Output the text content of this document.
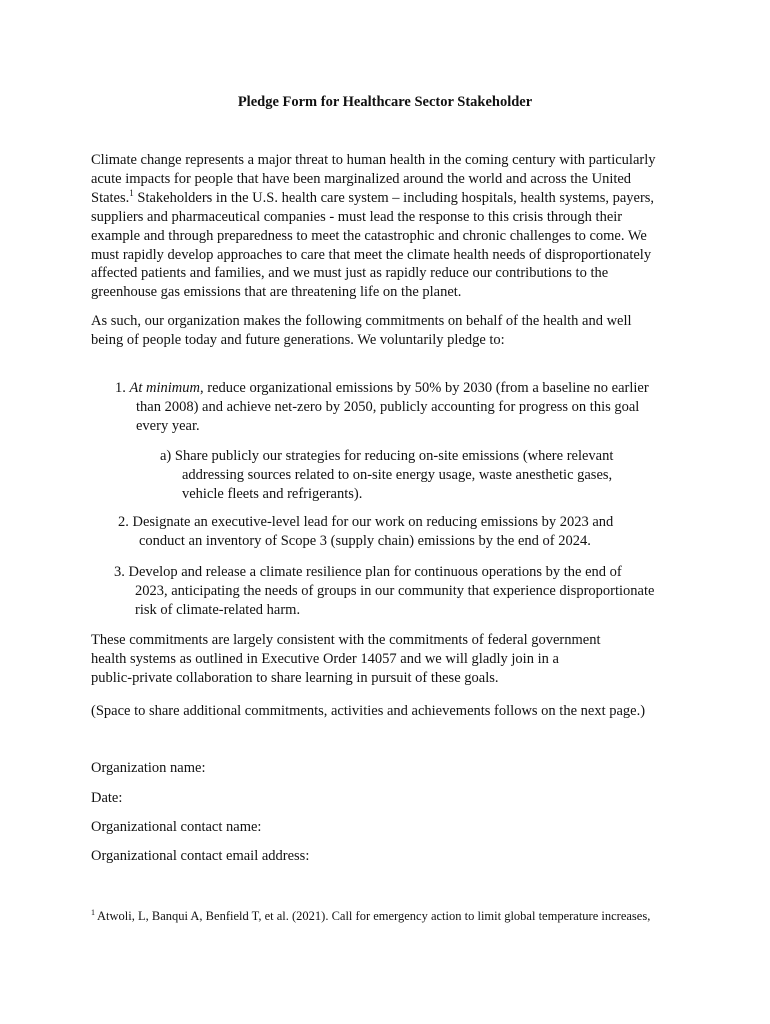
Pledge Form for Healthcare Sector Stakeholder
Climate change represents a major threat to human health in the coming century with particularly
acute impacts for people that have been marginalized around the world and across the United
States.$^1$ Stakeholders in the U.S. health care system – including hospitals, health systems, payers,
suppliers and pharmaceutical companies - must lead the response to this crisis through their
example and through preparedness to meet the catastrophic and chronic challenges to come. We
must rapidly develop approaches to care that meet the climate health needs of disproportionately
affected patients and families, and we must just as rapidly reduce our contributions to the
greenhouse gas emissions that are threatening life on the planet.
As such, our organization makes the following commitments on behalf of the health and well
being of people today and future generations. We voluntarily pledge to:
1. At minimum, reduce organizational emissions by 50% by 2030 (from a baseline no earlier
than 2008) and achieve net-zero by 2050, publicly accounting for progress on this goal
every year.
a) Share publicly our strategies for reducing on-site emissions (where relevant
addressing sources related to on-site energy usage, waste anesthetic gases,
vehicle fleets and refrigerants).
2. Designate an executive-level lead for our work on reducing emissions by 2023 and
conduct an inventory of Scope 3 (supply chain) emissions by the end of 2024.
3. Develop and release a climate resilience plan for continuous operations by the end of
2023, anticipating the needs of groups in our community that experience disproportionate
risk of climate-related harm.
These commitments are largely consistent with the commitments of federal government
health systems as outlined in Executive Order 14057 and we will gladly join in a
public-private collaboration to share learning in pursuit of these goals.
(Space to share additional commitments, activities and achievements follows on the next page.)
Organization name:
Date:
Organizational contact name:
Organizational contact email address:
$^1$ Atwoli, L, Banqui A, Benfield T, et al. (2021). Call for emergency action to limit global temperature increases,
